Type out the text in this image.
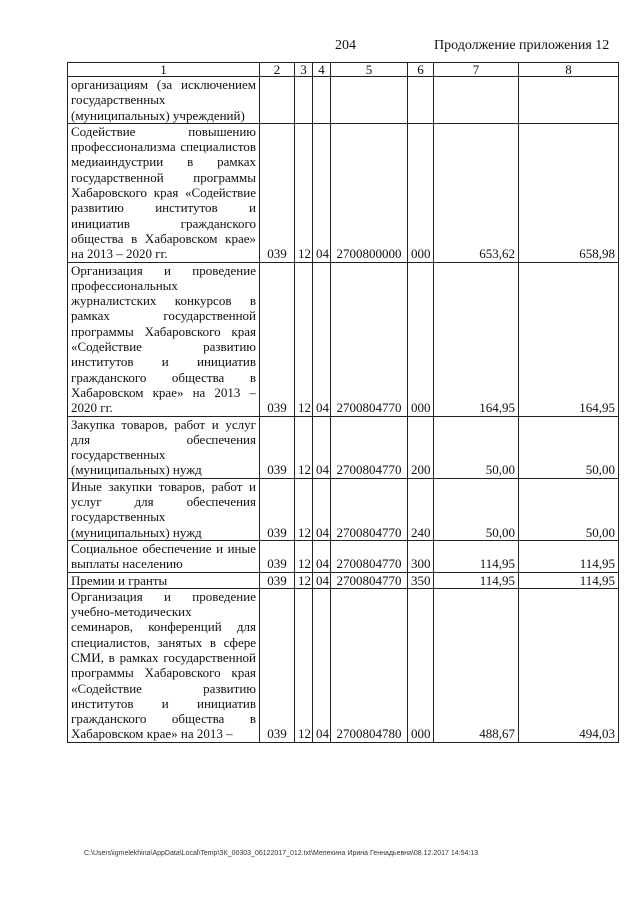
204	Продолжение приложения 12
1	2	3	4	5	6	7	8
организациям (за исключением государственных (муниципальных) учреждений)							
Содействие повышению профессионализма специалистов медиаиндустрии в рамках государственной программы Хабаровского края «Содействие развитию институтов и инициатив гражданского общества в Хабаровском крае» на 2013 – 2020 гг.	039	12	04	2700800000	000	653,62	658,98
Организация и проведение профессиональных журналистских конкурсов в рамках государственной программы Хабаровского края «Содействие развитию институтов и инициатив гражданского общества в Хабаровском крае» на 2013 – 2020 гг.	039	12	04	2700804770	000	164,95	164,95
Закупка товаров, работ и услуг для обеспечения государственных (муниципальных) нужд	039	12	04	2700804770	200	50,00	50,00
Иные закупки товаров, работ и услуг для обеспечения государственных (муниципальных) нужд	039	12	04	2700804770	240	50,00	50,00
Социальное обеспечение и иные выплаты населению	039	12	04	2700804770	300	114,95	114,95
Премии и гранты	039	12	04	2700804770	350	114,95	114,95
Организация и проведение учебно-методических семинаров, конференций для специалистов, занятых в сфере СМИ, в рамках государственной программы Хабаровского края «Содействие развитию институтов и инициатив гражданского общества в Хабаровском крае» на 2013 –	039	12	04	2700804780	000	488,67	494,03
C:\Users\igmelekhina\AppData\Local\Temp\ЗК_00303_06122017_012.txt\Мелехина Ирина Геннадьевна\08.12.2017 14:54:13
